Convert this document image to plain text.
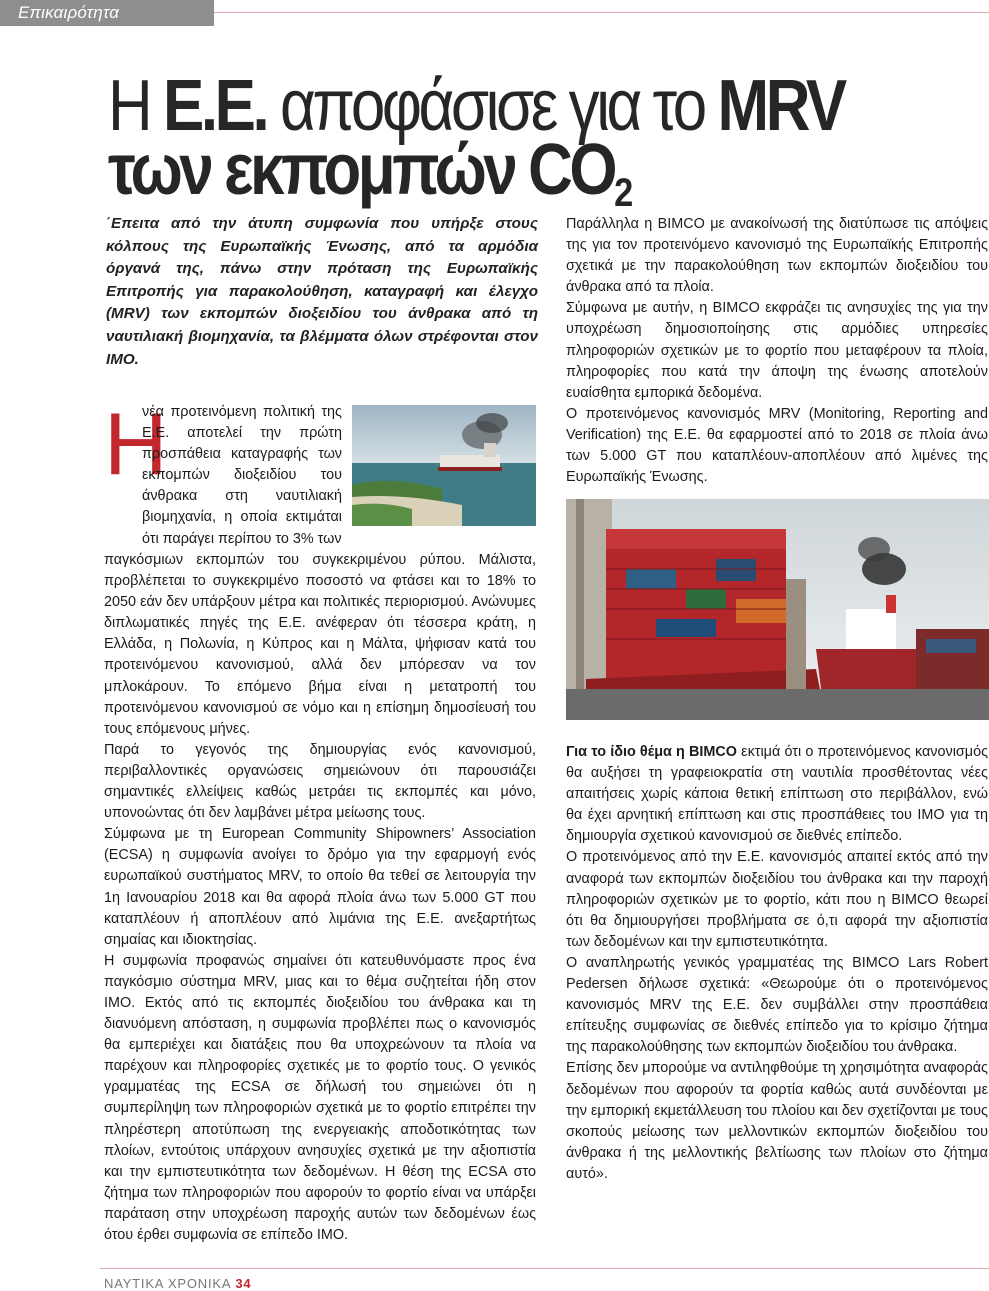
Επικαιρότητα
Η Ε.Ε. αποφάσισε για το MRV
των εκπομπών CO2
΄Επειτα από την άτυπη συμφωνία που υπήρξε στους κόλπους της Ευρωπαϊκής Ένωσης, από τα αρμόδια όργανά της, πάνω στην πρόταση της Ευρωπαϊκής Επιτροπής για παρακολούθηση, καταγραφή και έλεγχο (MRV) των εκπομπών διοξειδίου του άνθρακα από τη ναυτιλιακή βιομηχανία, τα βλέμματα όλων στρέφονται στον IMO.

Παράλληλα η BIMCO με ανακοίνωσή της διατύπωσε τις απόψεις της για τον προτεινόμενο κανονισμό της Ευρωπαϊκής Επιτροπής σχετικά με την παρακολούθηση των εκπομπών διοξειδίου του άνθρακα από τα πλοία.

Σύμφωνα με αυτήν, η BIMCO εκφράζει τις ανησυχίες της για την υποχρέωση δημοσιοποίησης στις αρμόδιες υπηρεσίες πληροφοριών σχετικών με το φορτίο που μεταφέρουν τα πλοία, πληροφορίες που κατά την άποψη της ένωσης αποτελούν ευαίσθητα εμπορικά δεδομένα.

Ο προτεινόμενος κανονισμός MRV (Monitoring, Reporting and Verification) της Ε.Ε. θα εφαρμοστεί από το 2018 σε πλοία άνω των 5.000 GT που καταπλέουν-αποπλέουν από λιμένες της Ευρωπαϊκής Ένωσης.

Η
νέα προτεινόμενη πολιτική της Ε.Ε. αποτελεί την πρώτη προσπάθεια καταγραφής των εκπομπών διοξειδίου του άνθρακα στη ναυτιλιακή βιομηχανία, η οποία εκτιμάται ότι παράγει περίπου το 3% των

παγκόσμιων εκπομπών του συγκεκριμένου ρύπου. Μάλιστα, προβλέπεται το συγκεκριμένο ποσοστό να φτάσει και το 18% το 2050 εάν δεν υπάρξουν μέτρα και πολιτικές περιορισμού. Ανώνυμες διπλωματικές πηγές της Ε.Ε. ανέφεραν ότι τέσσερα κράτη, η Ελλάδα, η Πολωνία, η Κύπρος και η Μάλτα, ψήφισαν κατά του προτεινόμενου κανονισμού, αλλά δεν μπόρεσαν να τον μπλοκάρουν. Το επόμενο βήμα είναι η μετατροπή του προτεινόμενου κανονισμού σε νόμο και η επίσημη δημοσίευσή του τους επόμενους μήνες.

Παρά το γεγονός της δημιουργίας ενός κανονισμού, περιβαλλοντικές οργανώσεις σημειώνουν ότι παρουσιάζει σημαντικές ελλείψεις καθώς μετράει τις εκπομπές και μόνο, υπονοώντας ότι δεν λαμβάνει μέτρα μείωσης τους.

Σύμφωνα με τη European Community Shipowners’ Association (ECSA) η συμφωνία ανοίγει το δρόμο για την εφαρμογή ενός ευρωπαϊκού συστήματος MRV, το οποίο θα τεθεί σε λειτουργία την 1η Ιανουαρίου 2018 και θα αφορά πλοία άνω των 5.000 GT που καταπλέουν ή αποπλέουν από λιμάνια της Ε.Ε. ανεξαρτήτως σημαίας και ιδιοκτησίας.

Η συμφωνία προφανώς σημαίνει ότι κατευθυνόμαστε προς ένα παγκόσμιο σύστημα MRV, μιας και το θέμα συζητείται ήδη στον IMO. Εκτός από τις εκπομπές διοξειδίου του άνθρακα και τη διανυόμενη απόσταση, η συμφωνία προβλέπει πως ο κανονισμός θα εμπεριέχει και διατάξεις που θα υποχρεώνουν τα πλοία να παρέχουν και πληροφορίες σχετικές με το φορτίο τους. Ο γενικός γραμματέας της ECSA σε δήλωσή του σημειώνει ότι η συμπερίληψη των πληροφοριών σχετικά με το φορτίο επιτρέπει την πληρέστερη αποτύπωση της ενεργειακής αποδοτικότητας των πλοίων, εντούτοις υπάρχουν ανησυχίες σχετικά με την αξιοπιστία και την εμπιστευτικότητα των δεδομένων. Η θέση της ECSA στο ζήτημα των πληροφοριών που αφορούν το φορτίο είναι να υπάρξει παράταση στην υποχρέωση παροχής αυτών των δεδομένων έως ότου έρθει συμφωνία σε επίπεδο IMO.

Για το ίδιο θέμα η BIMCO εκτιμά ότι ο προτεινόμενος κανονισμός θα αυξήσει τη γραφειοκρατία στη ναυτιλία προσθέτοντας νέες απαιτήσεις χωρίς κάποια θετική επίπτωση στο περιβάλλον, ενώ θα έχει αρνητική επίπτωση και στις προσπάθειες του IMO για τη δημιουργία σχετικού κανονισμού σε διεθνές επίπεδο.

Ο προτεινόμενος από την Ε.Ε. κανονισμός απαιτεί εκτός από την αναφορά των εκπομπών διοξειδίου του άνθρακα και την παροχή πληροφοριών σχετικών με το φορτίο, κάτι που η BIMCO θεωρεί ότι θα δημιουργήσει προβλήματα σε ό,τι αφορά την αξιοπιστία των δεδομένων και την εμπιστευτικότητα.

Ο αναπληρωτής γενικός γραμματέας της BIMCO Lars Robert Pedersen δήλωσε σχετικά: «Θεωρούμε ότι ο προτεινόμενος κανονισμός MRV της Ε.Ε. δεν συμβάλλει στην προσπάθεια επίτευξης συμφωνίας σε διεθνές επίπεδο για το κρίσιμο ζήτημα της παρακολούθησης των εκπομπών διοξειδίου του άνθρακα.

Επίσης δεν μπορούμε να αντιληφθούμε τη χρησιμότητα αναφοράς δεδομένων που αφορούν τα φορτία καθώς αυτά συνδέονται με την εμπορική εκμετάλλευση του πλοίου και δεν σχετίζονται με τους σκοπούς μείωσης των μελλοντικών εκπομπών διοξειδίου του άνθρακα ή της μελλοντικής βελτίωσης των πλοίων στο ζήτημα αυτό».

ΝΑΥΤΙΚΑ ΧΡΟΝΙΚΑ 34
